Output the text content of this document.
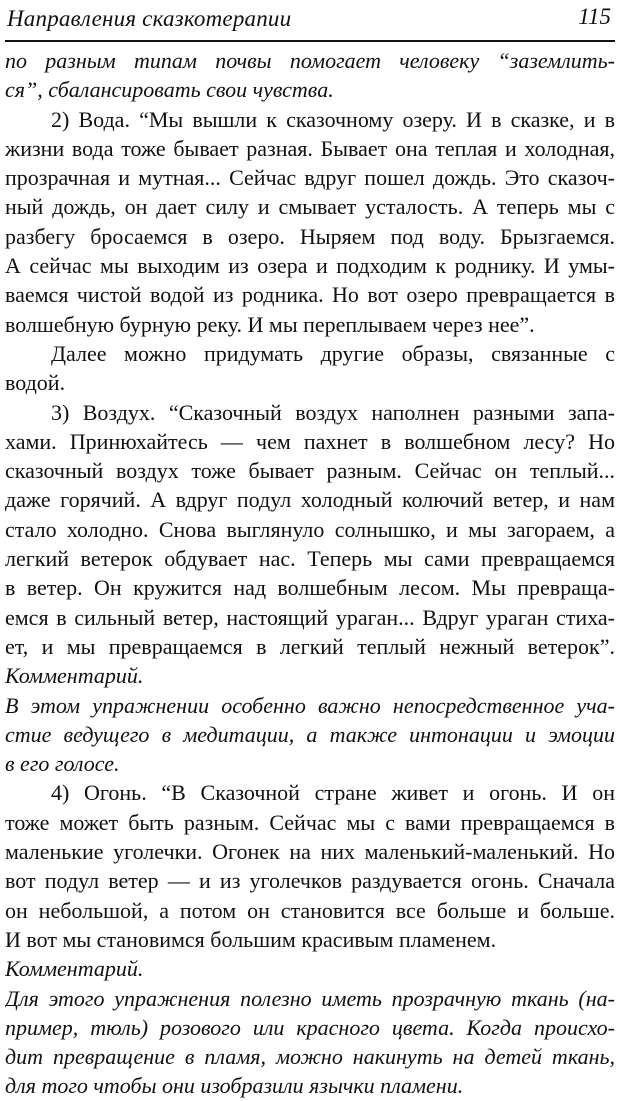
Направления сказкотерапии	115
по разным типам почвы помогает человеку “заземлить-
ся”, сбалансировать свои чувства.
2) Вода. “Мы вышли к сказочному озеру. И в сказке, и в
жизни вода тоже бывает разная. Бывает она теплая и холодная,
прозрачная и мутная... Сейчас вдруг пошел дождь. Это сказоч-
ный дождь, он дает силу и смывает усталость. А теперь мы с
разбегу бросаемся в озеро. Ныряем под воду. Брызгаемся.
А сейчас мы выходим из озера и подходим к роднику. И умы-
ваемся чистой водой из родника. Но вот озеро превращается в
волшебную бурную реку. И мы переплываем через нее”.
Далее можно придумать другие образы, связанные с
водой.
3) Воздух. “Сказочный воздух наполнен разными запа-
хами. Принюхайтесь — чем пахнет в волшебном лесу? Но
сказочный воздух тоже бывает разным. Сейчас он теплый...
даже горячий. А вдруг подул холодный колючий ветер, и нам
стало холодно. Снова выглянуло солнышко, и мы загораем, а
легкий ветерок обдувает нас. Теперь мы сами превращаемся
в ветер. Он кружится над волшебным лесом. Мы превраща-
емся в сильный ветер, настоящий ураган... Вдруг ураган стиха-
ет, и мы превращаемся в легкий теплый нежный ветерок”.
Комментарий.
В этом упражнении особенно важно непосредственное уча-
стие ведущего в медитации, а также интонации и эмоции
в его голосе.
4) Огонь. “В Сказочной стране живет и огонь. И он
тоже может быть разным. Сейчас мы с вами превращаемся в
маленькие уголечки. Огонек на них маленький-маленький. Но
вот подул ветер — и из уголечков раздувается огонь. Сначала
он небольшой, а потом он становится все больше и больше.
И вот мы становимся большим красивым пламенем.
Комментарий.
Для этого упражнения полезно иметь прозрачную ткань (на-
пример, тюль) розового или красного цвета. Когда происхо-
дит превращение в пламя, можно накинуть на детей ткань,
для того чтобы они изобразили язычки пламени.
